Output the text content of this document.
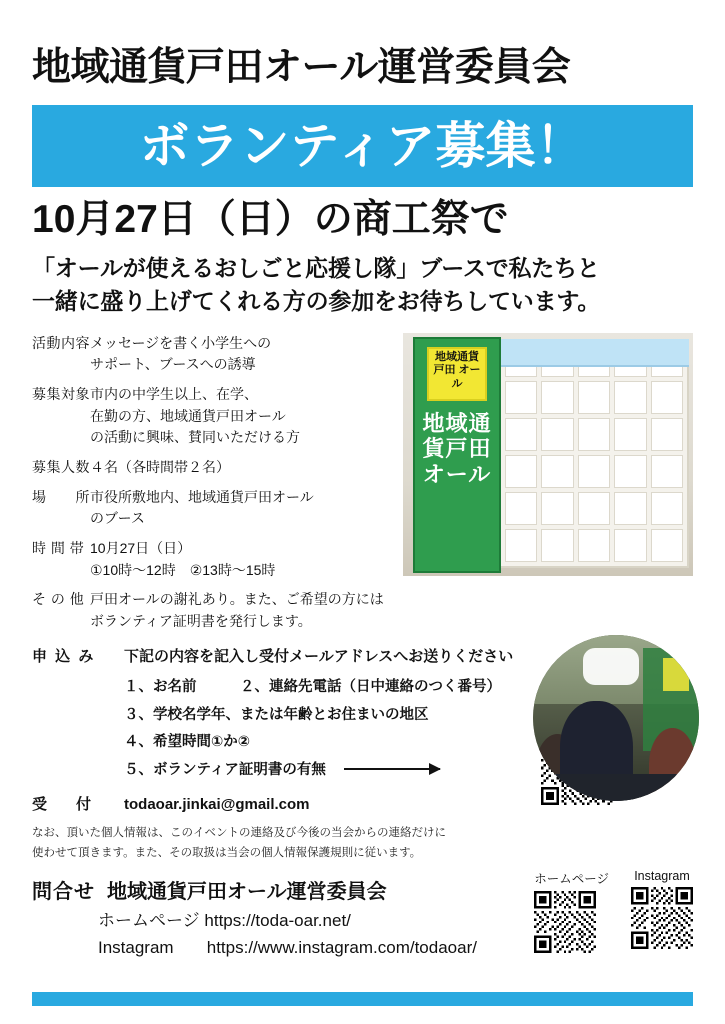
地域通貨戸田オール運営委員会
ボランティア募集！
10月27日（日）の商工祭で
「オールが使えるおしごと応援し隊」ブースで私たちと
一緒に盛り上げてくれる方の参加をお待ちしています。
活動内容	メッセージを書く小学生への
サポート、ブースへの誘導

募集対象	市内の中学生以上、在学、
在勤の方、地域通貨戸田オール
の活動に興味、賛同いただける方

募集人数	４名（各時間帯２名）

場　　所	市役所敷地内、地域通貨戸田オール
のブース

時 間 帯	10月27日（日）
①10時〜12時　②13時〜15時

そ の 他	戸田オールの謝礼あり。また、ご希望の方には
ボランティア証明書を発行します。
地域通貨 戸田 オール
地域通貨戸田オール
申 込 み	下記の内容を記入し受付メールアドレスへお送りください
１、お名前　　　２、連絡先電話（日中連絡のつく番号）
３、学校名学年、または年齢とお住まいの地区
４、希望時間①か②
５、ボランティア証明書の有無
受　付	todaoar.jinkai@gmail.com
なお、頂いた個人情報は、このイベントの連絡及び今後の当会からの連絡だけに
使わせて頂きます。また、その取扱は当会の個人情報保護規則に従います。
問合せ 地域通貨戸田オール運営委員会
ホームページ https://toda-oar.net/
Instagram https://www.instagram.com/todaoar/
ホームページ Instagram
